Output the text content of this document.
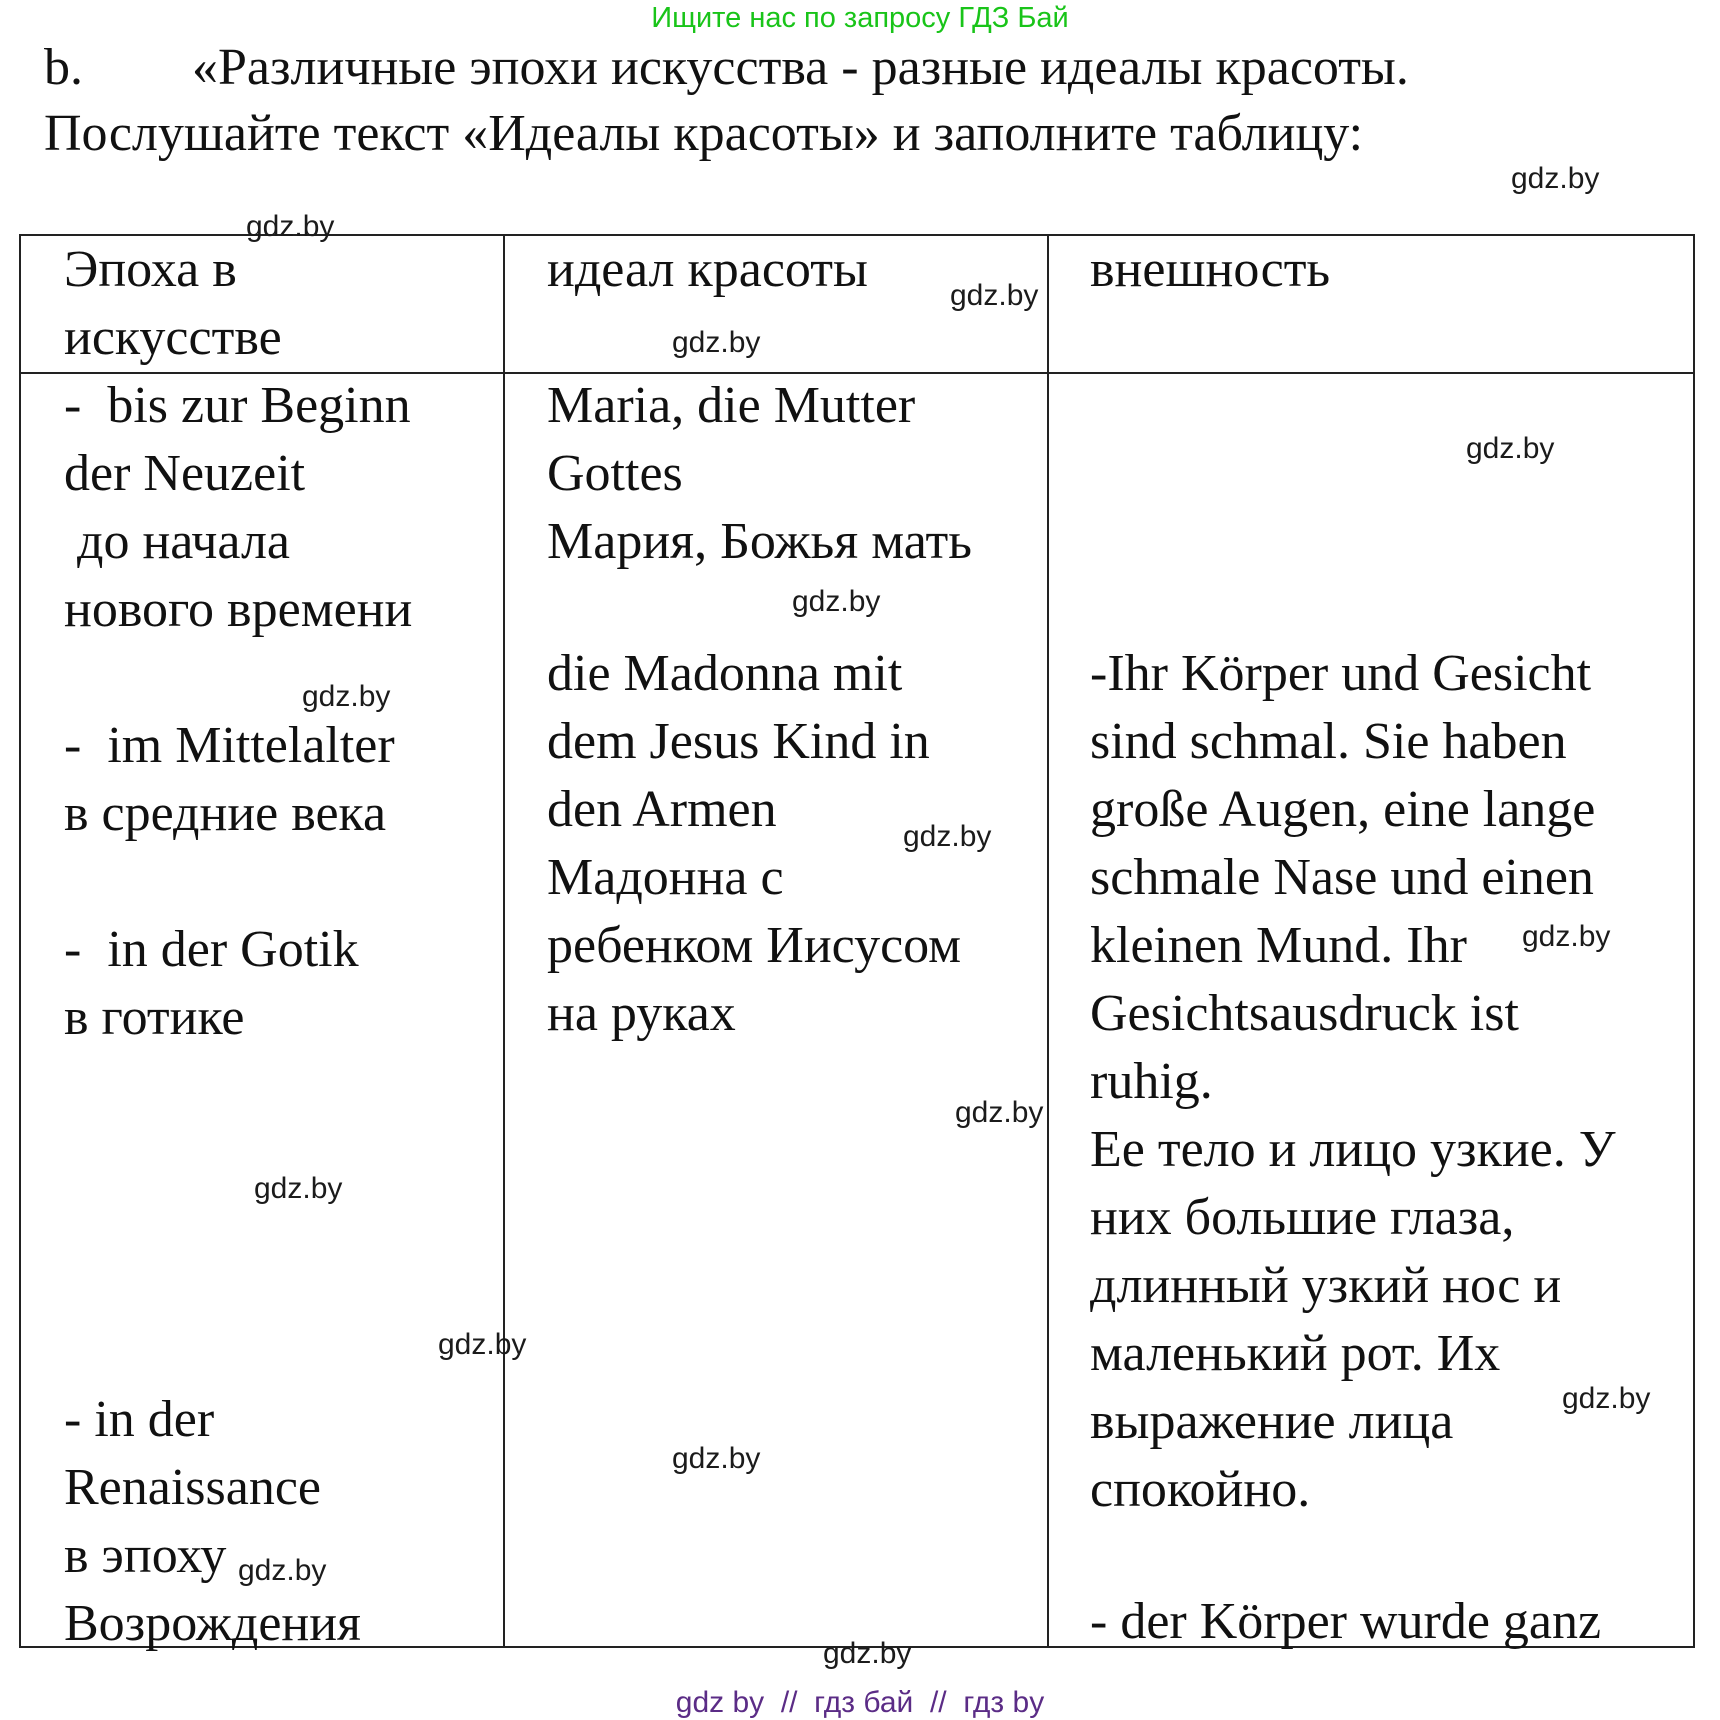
Ищите нас по запросу ГДЗ Бай
b. «Различные эпохи искусства - разные идеалы красоты.
Послушайте текст «Идеалы красоты» и заполните таблицу:
gdz.by
Эпоха в
искусстве
идеал красоты	внешность
-  bis zur Beginn
der Neuzeit
до начала
нового времени
-  im Mittelalter
в средние века
-  in der Gotik
в готике
- in der
Renaissance
в эпоху
Возрождения
Maria, die Mutter
Gottes
Мария, Божья мать
die Madonna mit
dem Jesus Kind in
den Armen
Мадонна с
ребенком Иисусом
на руках
-Ihr Körper und Gesicht
sind schmal. Sie haben
große Augen, eine lange
schmale Nase und einen
kleinen Mund. Ihr
Gesichtsausdruck ist
ruhig.
Ее тело и лицо узкие. У
них большие глаза,
длинный узкий нос и
маленький рот. Их
выражение лица
спокойно.
- der Körper wurde ganz
gdz.by
gdz.by
gdz.by
gdz.by
gdz.by
gdz.by
gdz.by
gdz.by
gdz.by
gdz.by
gdz.by
gdz.by
gdz.by
gdz.by
gdz.by
gdz by  //  гдз бай  //  гдз by
